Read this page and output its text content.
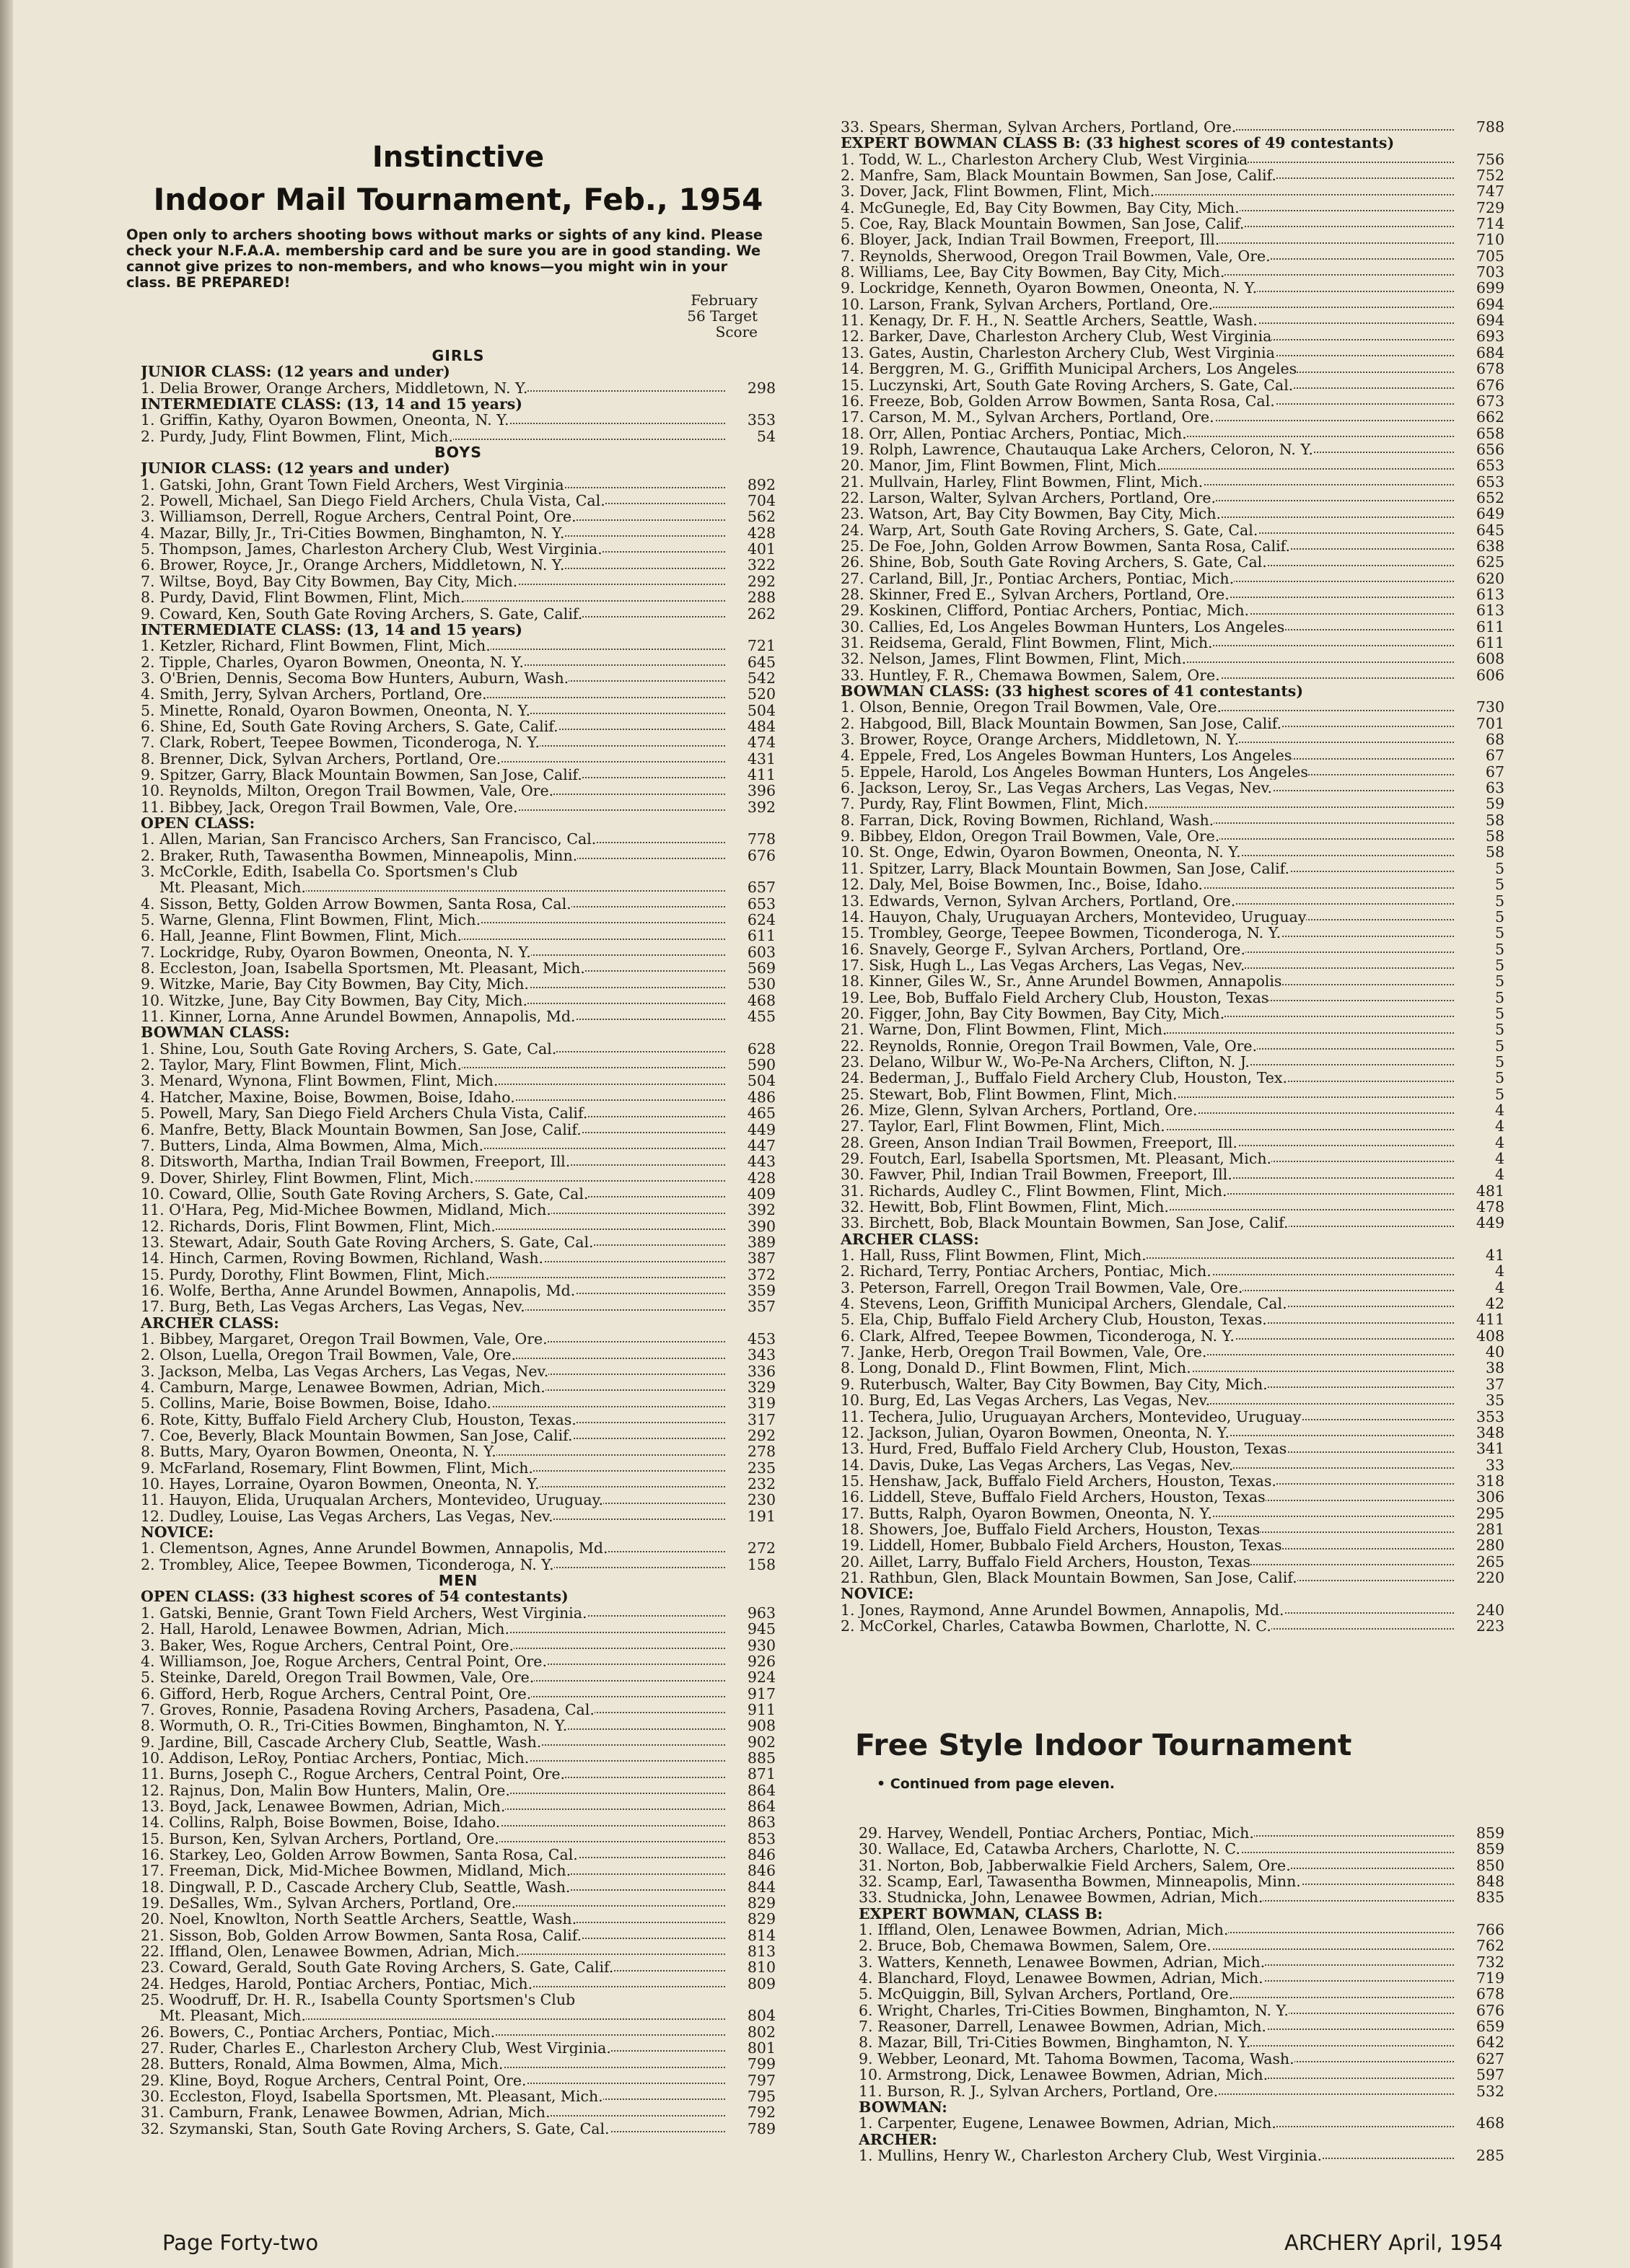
Instinctive
Indoor Mail Tournament, Feb., 1954
Open only to archers shooting bows without marks or sights of any kind. Please check your N.F.A.A. membership card and be sure you are in good standing. We cannot give prizes to non-members, and who knows—you might win in your class. BE PREPARED!
February
56 Target
Score
GIRLS
JUNIOR CLASS: (12 years and under)
1. Delia Brower, Orange Archers, Middletown, N. Y.	298
INTERMEDIATE CLASS: (13, 14 and 15 years)
1. Griffin, Kathy, Oyaron Bowmen, Oneonta, N. Y.	353
2. Purdy, Judy, Flint Bowmen, Flint, Mich.	54
BOYS
JUNIOR CLASS: (12 years and under)
1. Gatski, John, Grant Town Field Archers, West Virginia	892
2. Powell, Michael, San Diego Field Archers, Chula Vista, Cal.	704
3. Williamson, Derrell, Rogue Archers, Central Point, Ore.	562
4. Mazar, Billy, Jr., Tri-Cities Bowmen, Binghamton, N. Y.	428
5. Thompson, James, Charleston Archery Club, West Virginia.	401
6. Brower, Royce, Jr., Orange Archers, Middletown, N. Y.	322
7. Wiltse, Boyd, Bay City Bowmen, Bay City, Mich.	292
8. Purdy, David, Flint Bowmen, Flint, Mich.	288
9. Coward, Ken, South Gate Roving Archers, S. Gate, Calif.	262
INTERMEDIATE CLASS: (13, 14 and 15 years)
1. Ketzler, Richard, Flint Bowmen, Flint, Mich.	721
2. Tipple, Charles, Oyaron Bowmen, Oneonta, N. Y.	645
3. O'Brien, Dennis, Secoma Bow Hunters, Auburn, Wash.	542
4. Smith, Jerry, Sylvan Archers, Portland, Ore.	520
5. Minette, Ronald, Oyaron Bowmen, Oneonta, N. Y.	504
6. Shine, Ed, South Gate Roving Archers, S. Gate, Calif.	484
7. Clark, Robert, Teepee Bowmen, Ticonderoga, N. Y.	474
8. Brenner, Dick, Sylvan Archers, Portland, Ore.	431
9. Spitzer, Garry, Black Mountain Bowmen, San Jose, Calif.	411
10. Reynolds, Milton, Oregon Trail Bowmen, Vale, Ore.	396
11. Bibbey, Jack, Oregon Trail Bowmen, Vale, Ore.	392
OPEN CLASS:
1. Allen, Marian, San Francisco Archers, San Francisco, Cal.	778
2. Braker, Ruth, Tawasentha Bowmen, Minneapolis, Minn.	676
3. McCorkle, Edith, Isabella Co. Sportsmen's Club
Mt. Pleasant, Mich.	657
4. Sisson, Betty, Golden Arrow Bowmen, Santa Rosa, Cal.	653
5. Warne, Glenna, Flint Bowmen, Flint, Mich.	624
6. Hall, Jeanne, Flint Bowmen, Flint, Mich.	611
7. Lockridge, Ruby, Oyaron Bowmen, Oneonta, N. Y.	603
8. Eccleston, Joan, Isabella Sportsmen, Mt. Pleasant, Mich.	569
9. Witzke, Marie, Bay City Bowmen, Bay City, Mich.	530
10. Witzke, June, Bay City Bowmen, Bay City, Mich.	468
11. Kinner, Lorna, Anne Arundel Bowmen, Annapolis, Md.	455
BOWMAN CLASS:
1. Shine, Lou, South Gate Roving Archers, S. Gate, Cal.	628
2. Taylor, Mary, Flint Bowmen, Flint, Mich.	590
3. Menard, Wynona, Flint Bowmen, Flint, Mich.	504
4. Hatcher, Maxine, Boise, Bowmen, Boise, Idaho.	486
5. Powell, Mary, San Diego Field Archers Chula Vista, Calif.	465
6. Manfre, Betty, Black Mountain Bowmen, San Jose, Calif.	449
7. Butters, Linda, Alma Bowmen, Alma, Mich.	447
8. Ditsworth, Martha, Indian Trail Bowmen, Freeport, Ill.	443
9. Dover, Shirley, Flint Bowmen, Flint, Mich.	428
10. Coward, Ollie, South Gate Roving Archers, S. Gate, Cal.	409
11. O'Hara, Peg, Mid-Michee Bowmen, Midland, Mich.	392
12. Richards, Doris, Flint Bowmen, Flint, Mich.	390
13. Stewart, Adair, South Gate Roving Archers, S. Gate, Cal.	389
14. Hinch, Carmen, Roving Bowmen, Richland, Wash.	387
15. Purdy, Dorothy, Flint Bowmen, Flint, Mich.	372
16. Wolfe, Bertha, Anne Arundel Bowmen, Annapolis, Md.	359
17. Burg, Beth, Las Vegas Archers, Las Vegas, Nev.	357
ARCHER CLASS:
1. Bibbey, Margaret, Oregon Trail Bowmen, Vale, Ore.	453
2. Olson, Luella, Oregon Trail Bowmen, Vale, Ore.	343
3. Jackson, Melba, Las Vegas Archers, Las Vegas, Nev.	336
4. Camburn, Marge, Lenawee Bowmen, Adrian, Mich.	329
5. Collins, Marie, Boise Bowmen, Boise, Idaho.	319
6. Rote, Kitty, Buffalo Field Archery Club, Houston, Texas.	317
7. Coe, Beverly, Black Mountain Bowmen, San Jose, Calif.	292
8. Butts, Mary, Oyaron Bowmen, Oneonta, N. Y.	278
9. McFarland, Rosemary, Flint Bowmen, Flint, Mich.	235
10. Hayes, Lorraine, Oyaron Bowmen, Oneonta, N. Y.	232
11. Hauyon, Elida, Uruqualan Archers, Montevideo, Uruguay.	230
12. Dudley, Louise, Las Vegas Archers, Las Vegas, Nev.	191
NOVICE:
1. Clementson, Agnes, Anne Arundel Bowmen, Annapolis, Md.	272
2. Trombley, Alice, Teepee Bowmen, Ticonderoga, N. Y.	158
MEN
OPEN CLASS: (33 highest scores of 54 contestants)
1. Gatski, Bennie, Grant Town Field Archers, West Virginia.	963
2. Hall, Harold, Lenawee Bowmen, Adrian, Mich.	945
3. Baker, Wes, Rogue Archers, Central Point, Ore.	930
4. Williamson, Joe, Rogue Archers, Central Point, Ore.	926
5. Steinke, Dareld, Oregon Trail Bowmen, Vale, Ore.	924
6. Gifford, Herb, Rogue Archers, Central Point, Ore.	917
7. Groves, Ronnie, Pasadena Roving Archers, Pasadena, Cal.	911
8. Wormuth, O. R., Tri-Cities Bowmen, Binghamton, N. Y.	908
9. Jardine, Bill, Cascade Archery Club, Seattle, Wash.	902
10. Addison, LeRoy, Pontiac Archers, Pontiac, Mich.	885
11. Burns, Joseph C., Rogue Archers, Central Point, Ore.	871
12. Rajnus, Don, Malin Bow Hunters, Malin, Ore.	864
13. Boyd, Jack, Lenawee Bowmen, Adrian, Mich.	864
14. Collins, Ralph, Boise Bowmen, Boise, Idaho.	863
15. Burson, Ken, Sylvan Archers, Portland, Ore.	853
16. Starkey, Leo, Golden Arrow Bowmen, Santa Rosa, Cal.	846
17. Freeman, Dick, Mid-Michee Bowmen, Midland, Mich.	846
18. Dingwall, P. D., Cascade Archery Club, Seattle, Wash.	844
19. DeSalles, Wm., Sylvan Archers, Portland, Ore.	829
20. Noel, Knowlton, North Seattle Archers, Seattle, Wash.	829
21. Sisson, Bob, Golden Arrow Bowmen, Santa Rosa, Calif.	814
22. Iffland, Olen, Lenawee Bowmen, Adrian, Mich.	813
23. Coward, Gerald, South Gate Roving Archers, S. Gate, Calif.	810
24. Hedges, Harold, Pontiac Archers, Pontiac, Mich.	809
25. Woodruff, Dr. H. R., Isabella County Sportsmen's Club
Mt. Pleasant, Mich.	804
26. Bowers, C., Pontiac Archers, Pontiac, Mich.	802
27. Ruder, Charles E., Charleston Archery Club, West Virginia.	801
28. Butters, Ronald, Alma Bowmen, Alma, Mich.	799
29. Kline, Boyd, Rogue Archers, Central Point, Ore.	797
30. Eccleston, Floyd, Isabella Sportsmen, Mt. Pleasant, Mich.	795
31. Camburn, Frank, Lenawee Bowmen, Adrian, Mich.	792
32. Szymanski, Stan, South Gate Roving Archers, S. Gate, Cal.	789
33. Spears, Sherman, Sylvan Archers, Portland, Ore.	788
EXPERT BOWMAN CLASS B: (33 highest scores of 49 contestants)
1. Todd, W. L., Charleston Archery Club, West Virginia	756
2. Manfre, Sam, Black Mountain Bowmen, San Jose, Calif.	752
3. Dover, Jack, Flint Bowmen, Flint, Mich.	747
4. McGunegle, Ed, Bay City Bowmen, Bay City, Mich.	729
5. Coe, Ray, Black Mountain Bowmen, San Jose, Calif.	714
6. Bloyer, Jack, Indian Trail Bowmen, Freeport, Ill.	710
7. Reynolds, Sherwood, Oregon Trail Bowmen, Vale, Ore.	705
8. Williams, Lee, Bay City Bowmen, Bay City, Mich.	703
9. Lockridge, Kenneth, Oyaron Bowmen, Oneonta, N. Y.	699
10. Larson, Frank, Sylvan Archers, Portland, Ore.	694
11. Kenagy, Dr. F. H., N. Seattle Archers, Seattle, Wash.	694
12. Barker, Dave, Charleston Archery Club, West Virginia	693
13. Gates, Austin, Charleston Archery Club, West Virginia	684
14. Berggren, M. G., Griffith Municipal Archers, Los Angeles	678
15. Luczynski, Art, South Gate Roving Archers, S. Gate, Cal.	676
16. Freeze, Bob, Golden Arrow Bowmen, Santa Rosa, Cal.	673
17. Carson, M. M., Sylvan Archers, Portland, Ore.	662
18. Orr, Allen, Pontiac Archers, Pontiac, Mich.	658
19. Rolph, Lawrence, Chautauqua Lake Archers, Celoron, N. Y.	656
20. Manor, Jim, Flint Bowmen, Flint, Mich.	653
21. Mullvain, Harley, Flint Bowmen, Flint, Mich.	653
22. Larson, Walter, Sylvan Archers, Portland, Ore.	652
23. Watson, Art, Bay City Bowmen, Bay City, Mich.	649
24. Warp, Art, South Gate Roving Archers, S. Gate, Cal.	645
25. De Foe, John, Golden Arrow Bowmen, Santa Rosa, Calif.	638
26. Shine, Bob, South Gate Roving Archers, S. Gate, Cal.	625
27. Carland, Bill, Jr., Pontiac Archers, Pontiac, Mich.	620
28. Skinner, Fred E., Sylvan Archers, Portland, Ore.	613
29. Koskinen, Clifford, Pontiac Archers, Pontiac, Mich.	613
30. Callies, Ed, Los Angeles Bowman Hunters, Los Angeles	611
31. Reidsema, Gerald, Flint Bowmen, Flint, Mich.	611
32. Nelson, James, Flint Bowmen, Flint, Mich.	608
33. Huntley, F. R., Chemawa Bowmen, Salem, Ore.	606
BOWMAN CLASS: (33 highest scores of 41 contestants)
1. Olson, Bennie, Oregon Trail Bowmen, Vale, Ore.	730
2. Habgood, Bill, Black Mountain Bowmen, San Jose, Calif.	701
3. Brower, Royce, Orange Archers, Middletown, N. Y.	68
4. Eppele, Fred, Los Angeles Bowman Hunters, Los Angeles	67
5. Eppele, Harold, Los Angeles Bowman Hunters, Los Angeles	67
6. Jackson, Leroy, Sr., Las Vegas Archers, Las Vegas, Nev.	63
7. Purdy, Ray, Flint Bowmen, Flint, Mich.	59
8. Farran, Dick, Roving Bowmen, Richland, Wash.	58
9. Bibbey, Eldon, Oregon Trail Bowmen, Vale, Ore.	58
10. St. Onge, Edwin, Oyaron Bowmen, Oneonta, N. Y.	58
11. Spitzer, Larry, Black Mountain Bowmen, San Jose, Calif.	5
12. Daly, Mel, Boise Bowmen, Inc., Boise, Idaho.	5
13. Edwards, Vernon, Sylvan Archers, Portland, Ore.	5
14. Hauyon, Chaly, Uruguayan Archers, Montevideo, Uruguay	5
15. Trombley, George, Teepee Bowmen, Ticonderoga, N. Y.	5
16. Snavely, George F., Sylvan Archers, Portland, Ore.	5
17. Sisk, Hugh L., Las Vegas Archers, Las Vegas, Nev.	5
18. Kinner, Giles W., Sr., Anne Arundel Bowmen, Annapolis	5
19. Lee, Bob, Buffalo Field Archery Club, Houston, Texas	5
20. Figger, John, Bay City Bowmen, Bay City, Mich.	5
21. Warne, Don, Flint Bowmen, Flint, Mich.	5
22. Reynolds, Ronnie, Oregon Trail Bowmen, Vale, Ore.	5
23. Delano, Wilbur W., Wo-Pe-Na Archers, Clifton, N. J.	5
24. Bederman, J., Buffalo Field Archery Club, Houston, Tex.	5
25. Stewart, Bob, Flint Bowmen, Flint, Mich.	5
26. Mize, Glenn, Sylvan Archers, Portland, Ore.	4
27. Taylor, Earl, Flint Bowmen, Flint, Mich.	4
28. Green, Anson Indian Trail Bowmen, Freeport, Ill.	4
29. Foutch, Earl, Isabella Sportsmen, Mt. Pleasant, Mich.	4
30. Fawver, Phil, Indian Trail Bowmen, Freeport, Ill.	4
31. Richards, Audley C., Flint Bowmen, Flint, Mich.	481
32. Hewitt, Bob, Flint Bowmen, Flint, Mich.	478
33. Birchett, Bob, Black Mountain Bowmen, San Jose, Calif.	449
ARCHER CLASS:
1. Hall, Russ, Flint Bowmen, Flint, Mich.	41
2. Richard, Terry, Pontiac Archers, Pontiac, Mich.	4
3. Peterson, Farrell, Oregon Trail Bowmen, Vale, Ore.	4
4. Stevens, Leon, Griffith Municipal Archers, Glendale, Cal.	42
5. Ela, Chip, Buffalo Field Archery Club, Houston, Texas.	411
6. Clark, Alfred, Teepee Bowmen, Ticonderoga, N. Y.	408
7. Janke, Herb, Oregon Trail Bowmen, Vale, Ore.	40
8. Long, Donald D., Flint Bowmen, Flint, Mich.	38
9. Ruterbusch, Walter, Bay City Bowmen, Bay City, Mich.	37
10. Burg, Ed, Las Vegas Archers, Las Vegas, Nev.	35
11. Techera, Julio, Uruguayan Archers, Montevideo, Uruguay	353
12. Jackson, Julian, Oyaron Bowmen, Oneonta, N. Y.	348
13. Hurd, Fred, Buffalo Field Archery Club, Houston, Texas	341
14. Davis, Duke, Las Vegas Archers, Las Vegas, Nev.	33
15. Henshaw, Jack, Buffalo Field Archers, Houston, Texas.	318
16. Liddell, Steve, Buffalo Field Archers, Houston, Texas	306
17. Butts, Ralph, Oyaron Bowmen, Oneonta, N. Y.	295
18. Showers, Joe, Buffalo Field Archers, Houston, Texas	281
19. Liddell, Homer, Bubbalo Field Archers, Houston, Texas	280
20. Aillet, Larry, Buffalo Field Archers, Houston, Texas	265
21. Rathbun, Glen, Black Mountain Bowmen, San Jose, Calif.	220
NOVICE:
1. Jones, Raymond, Anne Arundel Bowmen, Annapolis, Md.	240
2. McCorkel, Charles, Catawba Bowmen, Charlotte, N. C.	223
Free Style Indoor Tournament
• Continued from page eleven.
29. Harvey, Wendell, Pontiac Archers, Pontiac, Mich.	859
30. Wallace, Ed, Catawba Archers, Charlotte, N. C.	859
31. Norton, Bob, Jabberwalkie Field Archers, Salem, Ore.	850
32. Scamp, Earl, Tawasentha Bowmen, Minneapolis, Minn.	848
33. Studnicka, John, Lenawee Bowmen, Adrian, Mich.	835
EXPERT BOWMAN, CLASS B:
1. Iffland, Olen, Lenawee Bowmen, Adrian, Mich.	766
2. Bruce, Bob, Chemawa Bowmen, Salem, Ore.	762
3. Watters, Kenneth, Lenawee Bowmen, Adrian, Mich.	732
4. Blanchard, Floyd, Lenawee Bowmen, Adrian, Mich.	719
5. McQuiggin, Bill, Sylvan Archers, Portland, Ore.	678
6. Wright, Charles, Tri-Cities Bowmen, Binghamton, N. Y.	676
7. Reasoner, Darrell, Lenawee Bowmen, Adrian, Mich.	659
8. Mazar, Bill, Tri-Cities Bowmen, Binghamton, N. Y.	642
9. Webber, Leonard, Mt. Tahoma Bowmen, Tacoma, Wash.	627
10. Armstrong, Dick, Lenawee Bowmen, Adrian, Mich.	597
11. Burson, R. J., Sylvan Archers, Portland, Ore.	532
BOWMAN:
1. Carpenter, Eugene, Lenawee Bowmen, Adrian, Mich.	468
ARCHER:
1. Mullins, Henry W., Charleston Archery Club, West Virginia.	285
Page Forty-two	ARCHERY April, 1954
